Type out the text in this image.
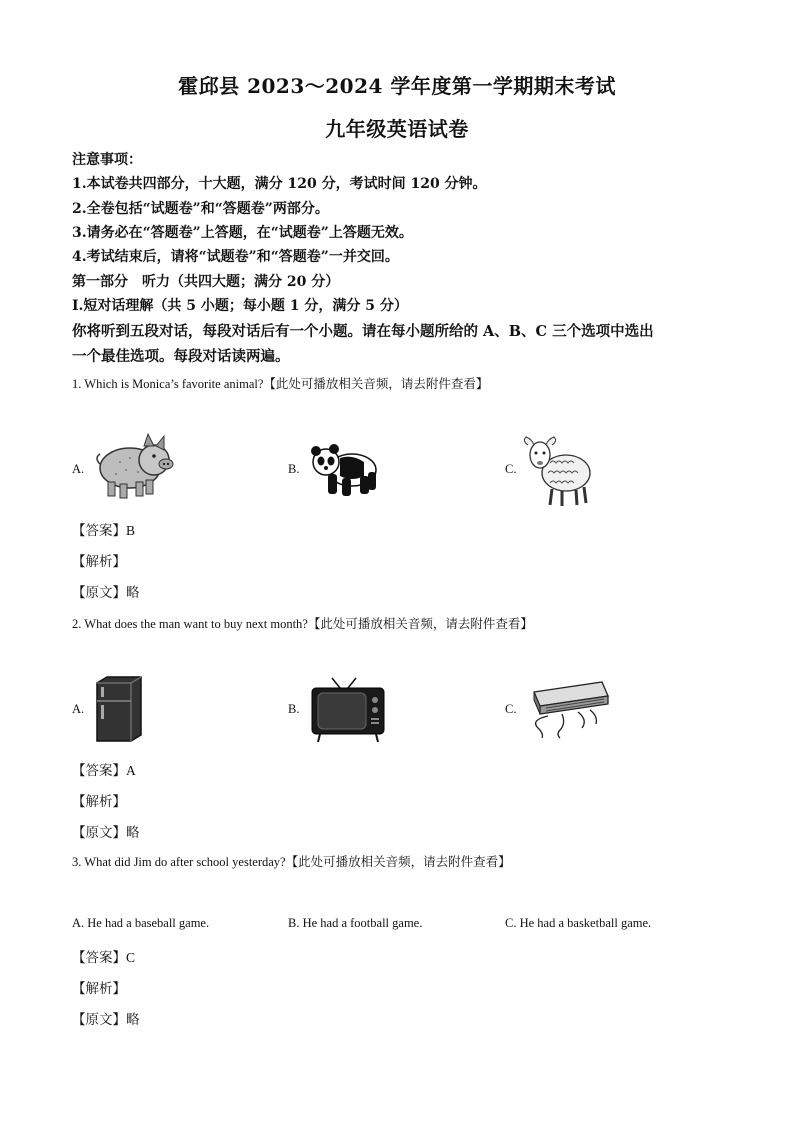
霍邱县 2023～2024 学年度第一学期期末考试
九年级英语试卷
注意事项：
1.本试卷共四部分，十大题，满分 120 分，考试时间 120 分钟。
2.全卷包括“试题卷”和“答题卷”两部分。
3.请务必在“答题卷”上答题，在“试题卷”上答题无效。
4.考试结束后，请将“试题卷”和“答题卷”一并交回。
第一部分　听力（共四大题；满分 20 分）
Ⅰ.短对话理解（共 5 小题；每小题 1 分，满分 5 分）
你将听到五段对话，每段对话后有一个小题。请在每小题所给的 A、B、C 三个选项中选出
一个最佳选项。每段对话读两遍。
1. Which is Monica’s favorite animal?【此处可播放相关音频，请去附件查看】
A.	B.	C.
【答案】B
【解析】
【原文】略
2. What does the man want to buy next month?【此处可播放相关音频，请去附件查看】
A.	B.	C.
【答案】A
【解析】
【原文】略
3. What did Jim do after school yesterday?【此处可播放相关音频，请去附件查看】
A. He had a baseball game.	B. He had a football game.	C. He had a basketball game.
【答案】C
【解析】
【原文】略
